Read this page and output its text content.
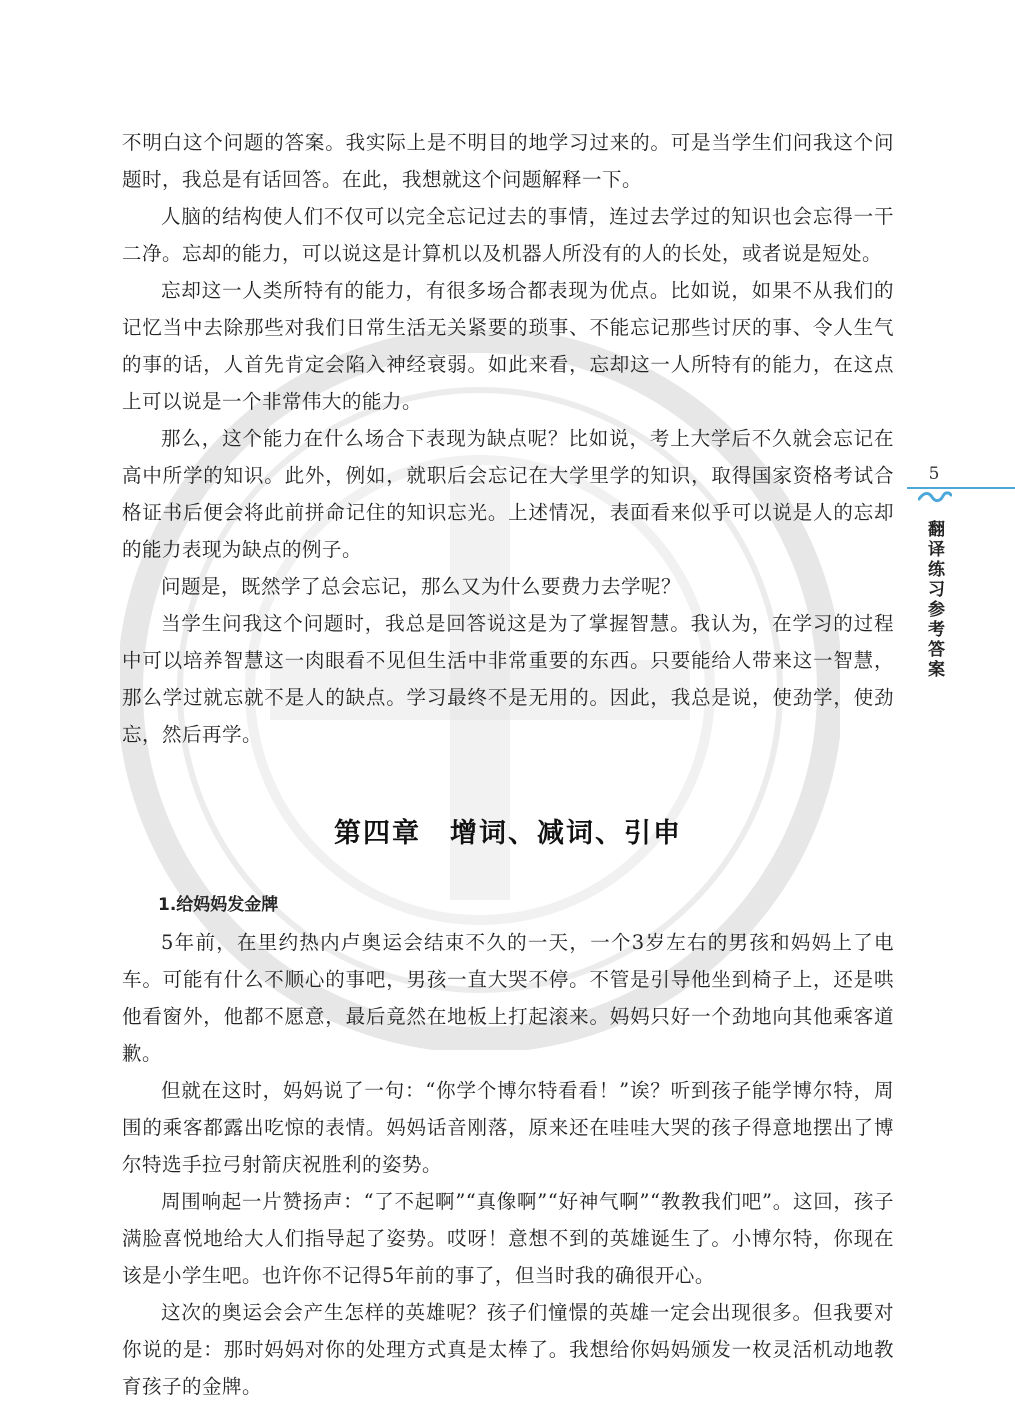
不明白这个问题的答案。我实际上是不明目的地学习过来的。可是当学生们问我这个问题时，我总是有话回答。在此，我想就这个问题解释一下。

人脑的结构使人们不仅可以完全忘记过去的事情，连过去学过的知识也会忘得一干二净。忘却的能力，可以说这是计算机以及机器人所没有的人的长处，或者说是短处。

忘却这一人类所特有的能力，有很多场合都表现为优点。比如说，如果不从我们的记忆当中去除那些对我们日常生活无关紧要的琐事、不能忘记那些讨厌的事、令人生气的事的话，人首先肯定会陷入神经衰弱。如此来看，忘却这一人所特有的能力，在这点上可以说是一个非常伟大的能力。

那么，这个能力在什么场合下表现为缺点呢？比如说，考上大学后不久就会忘记在高中所学的知识。此外，例如，就职后会忘记在大学里学的知识，取得国家资格考试合格证书后便会将此前拼命记住的知识忘光。上述情况，表面看来似乎可以说是人的忘却的能力表现为缺点的例子。

问题是，既然学了总会忘记，那么又为什么要费力去学呢？

当学生问我这个问题时，我总是回答说这是为了掌握智慧。我认为，在学习的过程中可以培养智慧这一肉眼看不见但生活中非常重要的东西。只要能给人带来这一智慧，那么学过就忘就不是人的缺点。学习最终不是无用的。因此，我总是说，使劲学，使劲忘，然后再学。

第四章　增词、减词、引申
1.给妈妈发金牌

5年前，在里约热内卢奥运会结束不久的一天，一个3岁左右的男孩和妈妈上了电车。可能有什么不顺心的事吧，男孩一直大哭不停。不管是引导他坐到椅子上，还是哄他看窗外，他都不愿意，最后竟然在地板上打起滚来。妈妈只好一个劲地向其他乘客道歉。

但就在这时，妈妈说了一句：“你学个博尔特看看！”诶？听到孩子能学博尔特，周围的乘客都露出吃惊的表情。妈妈话音刚落，原来还在哇哇大哭的孩子得意地摆出了博尔特选手拉弓射箭庆祝胜利的姿势。

周围响起一片赞扬声：“了不起啊”“真像啊”“好神气啊”“教教我们吧”。这回，孩子满脸喜悦地给大人们指导起了姿势。哎呀！意想不到的英雄诞生了。小博尔特，你现在该是小学生吧。也许你不记得5年前的事了，但当时我的确很开心。

这次的奥运会会产生怎样的英雄呢？孩子们憧憬的英雄一定会出现很多。但我要对你说的是：那时妈妈对你的处理方式真是太棒了。我想给你妈妈颁发一枚灵活机动地教育孩子的金牌。

5
翻译练习参考答案
